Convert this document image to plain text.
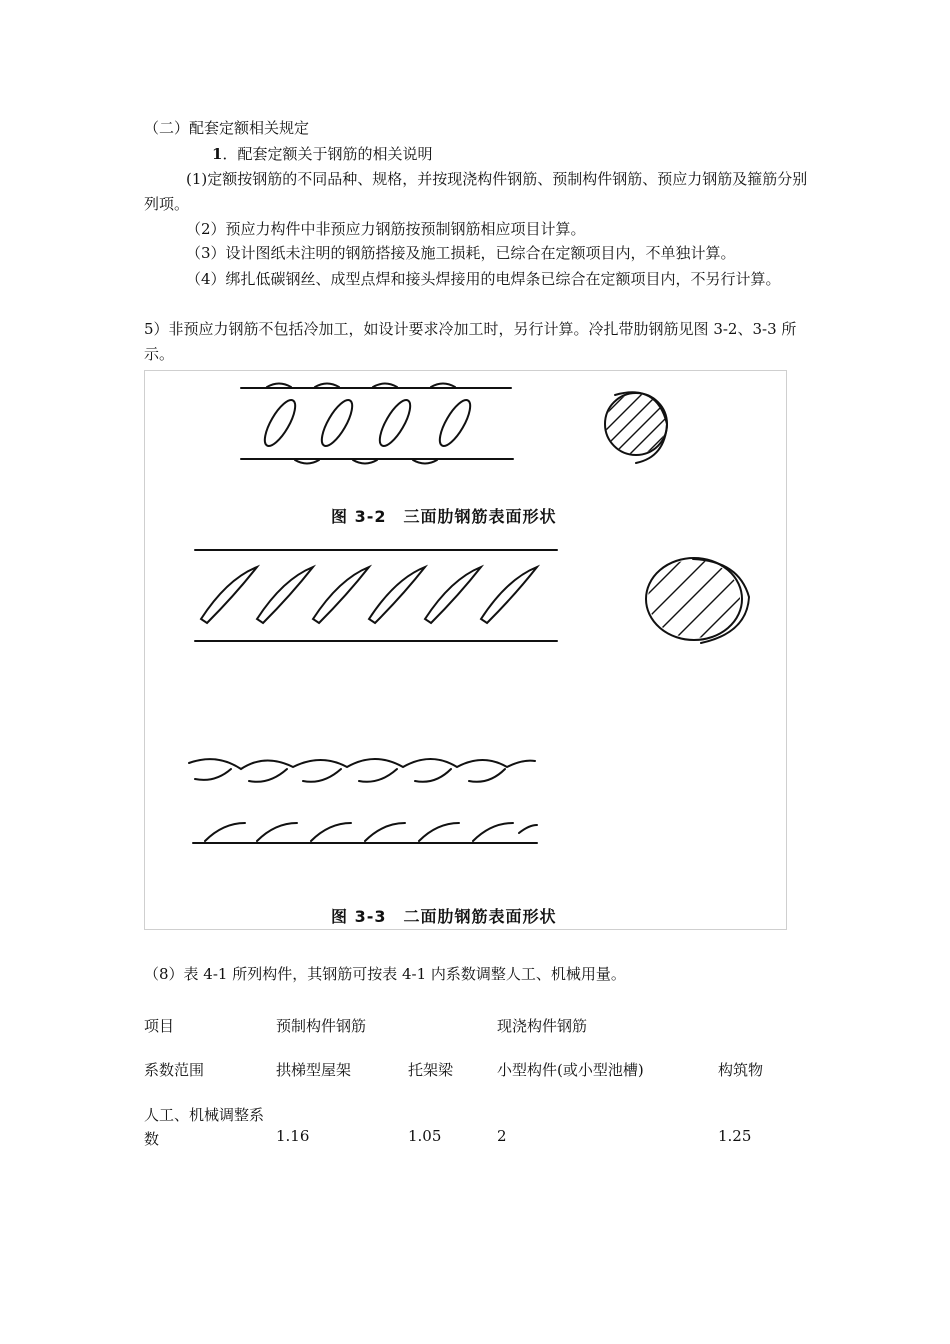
（二）配套定额相关规定

1．配套定额关于钢筋的相关说明

(1)定额按钢筋的不同品种、规格，并按现浇构件钢筋、预制构件钢筋、预应力钢筋及箍筋分别列项。

（2）预应力构件中非预应力钢筋按预制钢筋相应项目计算。

（3）设计图纸未注明的钢筋搭接及施工损耗，已综合在定额项目内，不单独计算。

（4）绑扎低碳钢丝、成型点焊和接头焊接用的电焊条已综合在定额项目内，不另行计算。

5）非预应力钢筋不包括冷加工，如设计要求冷加工时，另行计算。冷扎带肋钢筋见图 3-2、3-3 所示。

图 3-2　三面肋钢筋表面形状
图 3-3　二面肋钢筋表面形状

（8）表 4-1 所列构件，其钢筋可按表 4-1 内系数调整人工、机械用量。

项目	预制构件钢筋	现浇构件钢筋
系数范围	拱梯型屋架	托架梁	小型构件(或小型池槽)	构筑物
人工、机械调整系数	1.16	1.05	2	1.25
